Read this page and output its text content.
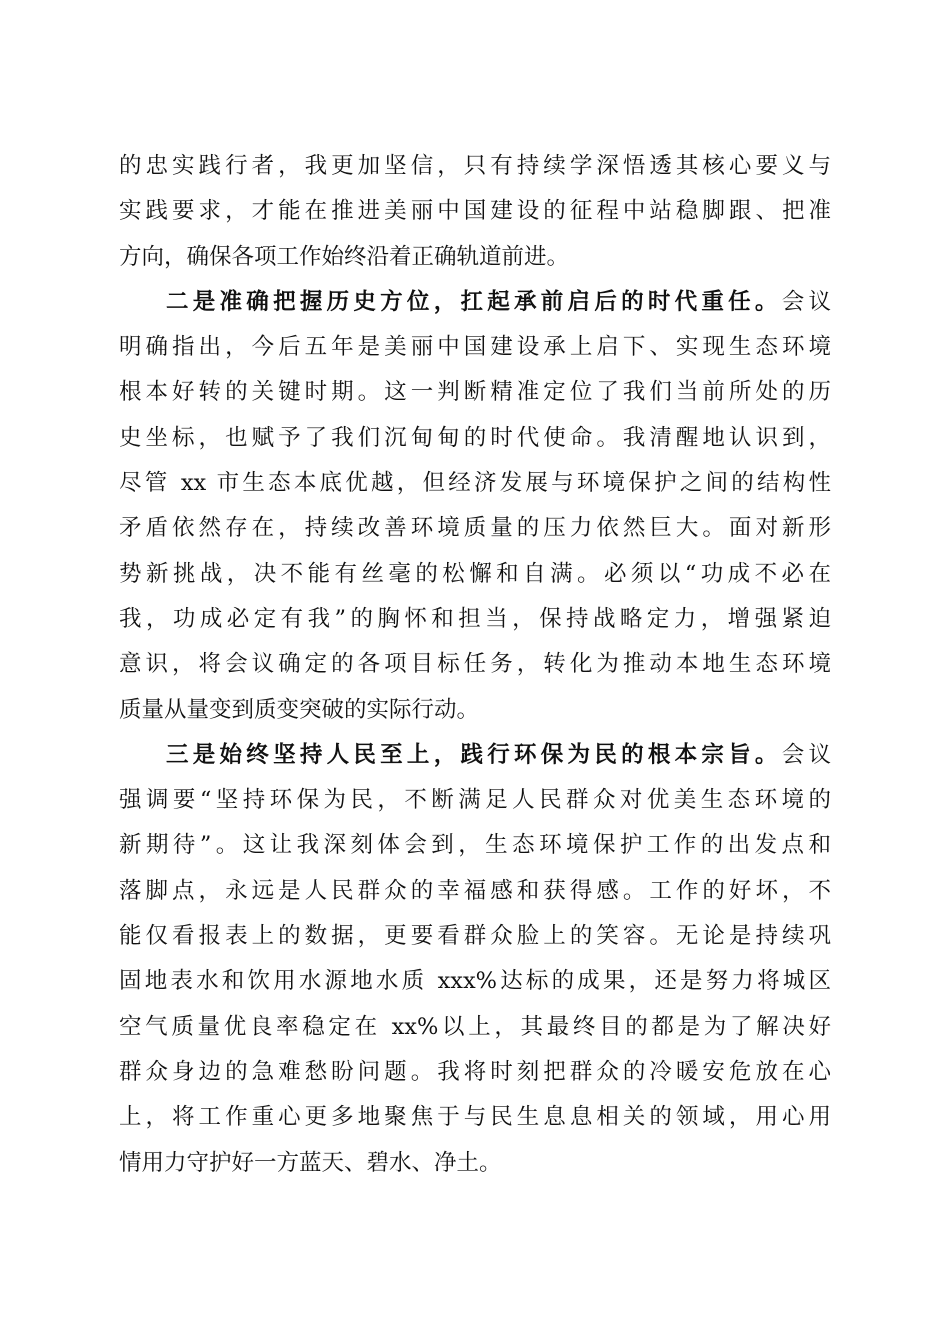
的忠实践行者，我更加坚信，只有持续学深悟透其核心要义与
实践要求，才能在推进美丽中国建设的征程中站稳脚跟、把准
方向，确保各项工作始终沿着正确轨道前进。
二是准确把握历史方位，扛起承前启后的时代重任。会议
明确指出，今后五年是美丽中国建设承上启下、实现生态环境
根本好转的关键时期。这一判断精准定位了我们当前所处的历
史坐标，也赋予了我们沉甸甸的时代使命。我清醒地认识到，
尽管 xx 市生态本底优越，但经济发展与环境保护之间的结构性
矛盾依然存在，持续改善环境质量的压力依然巨大。面对新形
势新挑战，决不能有丝毫的松懈和自满。必须以“功成不必在
我，功成必定有我”的胸怀和担当，保持战略定力，增强紧迫
意识，将会议确定的各项目标任务，转化为推动本地生态环境
质量从量变到质变突破的实际行动。
三是始终坚持人民至上，践行环保为民的根本宗旨。会议
强调要“坚持环保为民，不断满足人民群众对优美生态环境的
新期待”。这让我深刻体会到，生态环境保护工作的出发点和
落脚点，永远是人民群众的幸福感和获得感。工作的好坏，不
能仅看报表上的数据，更要看群众脸上的笑容。无论是持续巩
固地表水和饮用水源地水质 xxx%达标的成果，还是努力将城区
空气质量优良率稳定在 xx%以上，其最终目的都是为了解决好
群众身边的急难愁盼问题。我将时刻把群众的冷暖安危放在心
上，将工作重心更多地聚焦于与民生息息相关的领域，用心用
情用力守护好一方蓝天、碧水、净土。
